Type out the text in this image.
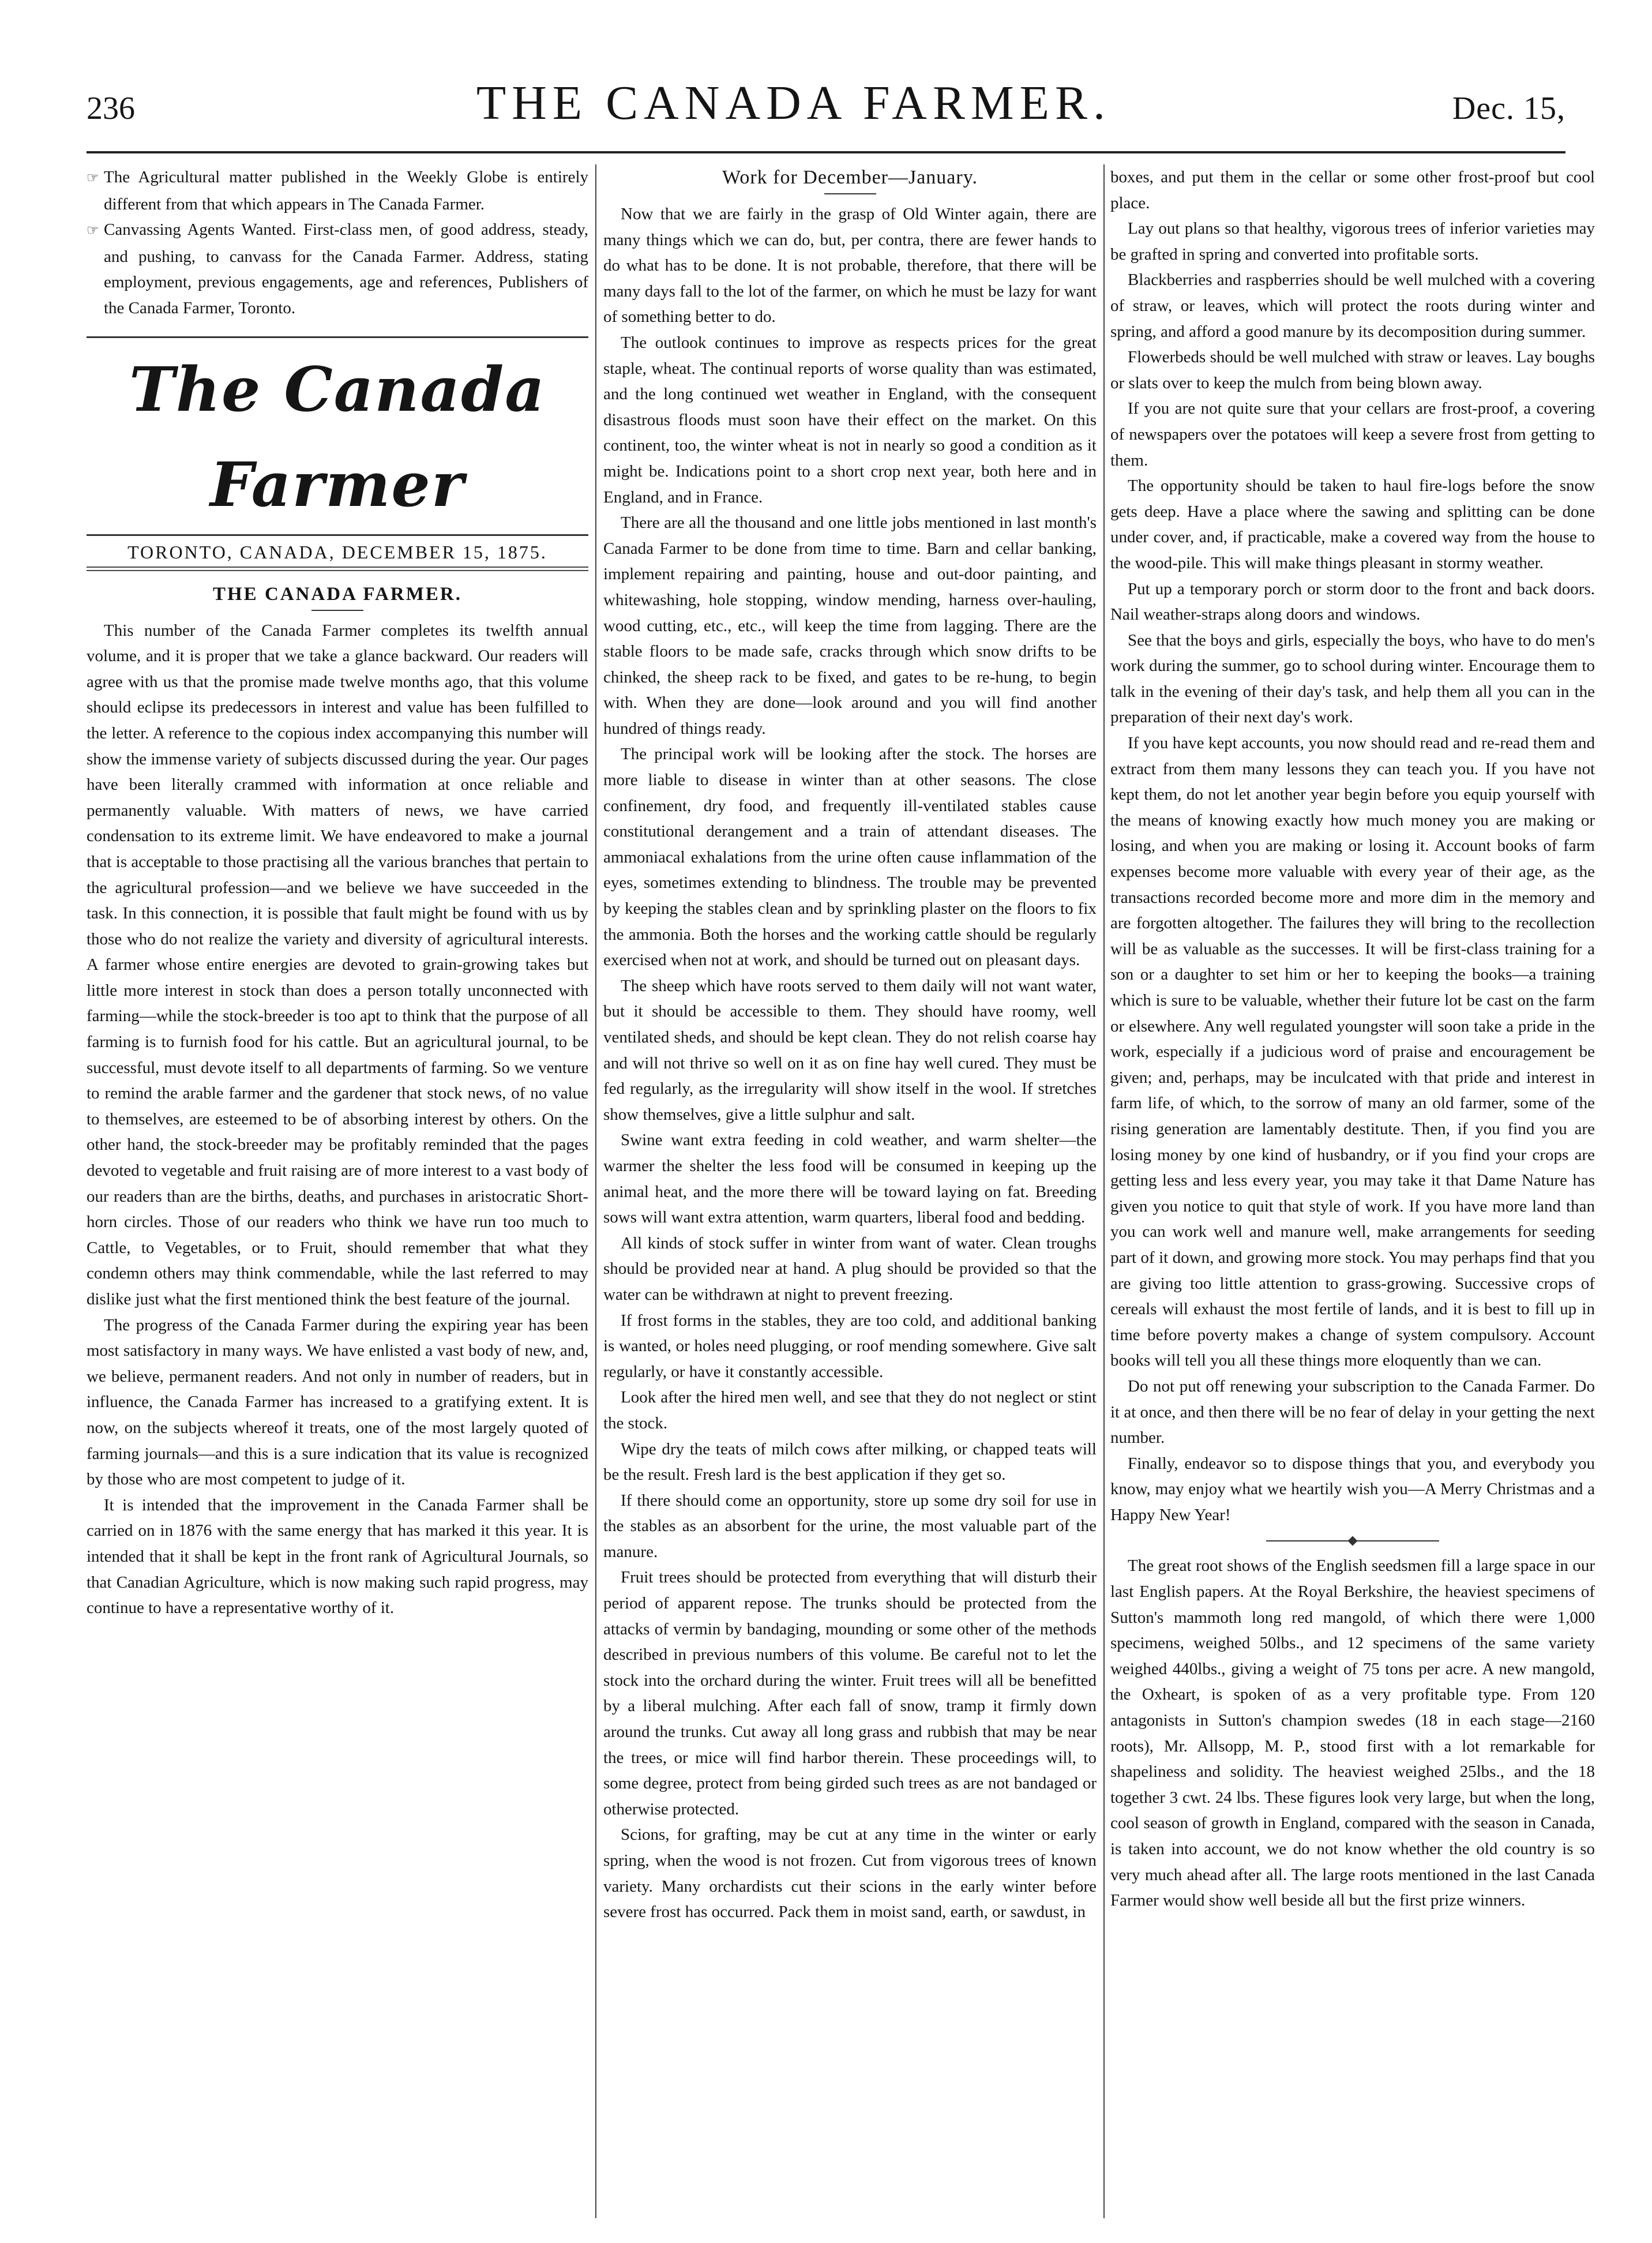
236	THE CANADA FARMER.	Dec. 15,

☞ The Agricultural matter published in the Weekly Globe is entirely different from that which appears in The Canada Farmer.

☞ Canvassing Agents Wanted. First-class men, of good address, steady, and pushing, to canvass for the Canada Farmer. Address, stating employment, previous engagements, age and references, Publishers of the Canada Farmer, Toronto.

The Canada Farmer
TORONTO, CANADA, DECEMBER 15, 1875.
THE CANADA FARMER.

This number of the Canada Farmer completes its twelfth annual volume, and it is proper that we take a glance backward. Our readers will agree with us that the promise made twelve months ago, that this volume should eclipse its predecessors in interest and value has been fulfilled to the letter. A reference to the copious index accompanying this number will show the immense variety of subjects discussed during the year. Our pages have been literally crammed with information at once reliable and permanently valuable. With matters of news, we have carried condensation to its extreme limit. We have endeavored to make a journal that is acceptable to those practising all the various branches that pertain to the agricultural profession—and we believe we have succeeded in the task. In this connection, it is possible that fault might be found with us by those who do not realize the variety and diversity of agricultural interests. A farmer whose entire energies are devoted to grain-growing takes but little more interest in stock than does a person totally unconnected with farming—while the stock-breeder is too apt to think that the purpose of all farming is to furnish food for his cattle. But an agricultural journal, to be successful, must devote itself to all departments of farming. So we venture to remind the arable farmer and the gardener that stock news, of no value to themselves, are esteemed to be of absorbing interest by others. On the other hand, the stock-breeder may be profitably reminded that the pages devoted to vegetable and fruit raising are of more interest to a vast body of our readers than are the births, deaths, and purchases in aristocratic Short-horn circles. Those of our readers who think we have run too much to Cattle, to Vegetables, or to Fruit, should remember that what they condemn others may think commendable, while the last referred to may dislike just what the first mentioned think the best feature of the journal.

The progress of the Canada Farmer during the expiring year has been most satisfactory in many ways. We have enlisted a vast body of new, and, we believe, permanent readers. And not only in number of readers, but in influence, the Canada Farmer has increased to a gratifying extent. It is now, on the subjects whereof it treats, one of the most largely quoted of farming journals—and this is a sure indication that its value is recognized by those who are most competent to judge of it.

It is intended that the improvement in the Canada Farmer shall be carried on in 1876 with the same energy that has marked it this year. It is intended that it shall be kept in the front rank of Agricultural Journals, so that Canadian Agriculture, which is now making such rapid progress, may continue to have a representative worthy of it.

Work for December—January.

Now that we are fairly in the grasp of Old Winter again, there are many things which we can do, but, per contra, there are fewer hands to do what has to be done. It is not probable, therefore, that there will be many days fall to the lot of the farmer, on which he must be lazy for want of something better to do.

The outlook continues to improve as respects prices for the great staple, wheat. The continual reports of worse quality than was estimated, and the long continued wet weather in England, with the consequent disastrous floods must soon have their effect on the market. On this continent, too, the winter wheat is not in nearly so good a condition as it might be. Indications point to a short crop next year, both here and in England, and in France.

There are all the thousand and one little jobs mentioned in last month's Canada Farmer to be done from time to time. Barn and cellar banking, implement repairing and painting, house and out-door painting, and whitewashing, hole stopping, window mending, harness over-hauling, wood cutting, etc., etc., will keep the time from lagging. There are the stable floors to be made safe, cracks through which snow drifts to be chinked, the sheep rack to be fixed, and gates to be re-hung, to begin with. When they are done—look around and you will find another hundred of things ready.

The principal work will be looking after the stock. The horses are more liable to disease in winter than at other seasons. The close confinement, dry food, and frequently ill-ventilated stables cause constitutional derangement and a train of attendant diseases. The ammoniacal exhalations from the urine often cause inflammation of the eyes, sometimes extending to blindness. The trouble may be prevented by keeping the stables clean and by sprinkling plaster on the floors to fix the ammonia. Both the horses and the working cattle should be regularly exercised when not at work, and should be turned out on pleasant days.

The sheep which have roots served to them daily will not want water, but it should be accessible to them. They should have roomy, well ventilated sheds, and should be kept clean. They do not relish coarse hay and will not thrive so well on it as on fine hay well cured. They must be fed regularly, as the irregularity will show itself in the wool. If stretches show themselves, give a little sulphur and salt.

Swine want extra feeding in cold weather, and warm shelter—the warmer the shelter the less food will be consumed in keeping up the animal heat, and the more there will be toward laying on fat. Breeding sows will want extra attention, warm quarters, liberal food and bedding.

All kinds of stock suffer in winter from want of water. Clean troughs should be provided near at hand. A plug should be provided so that the water can be withdrawn at night to prevent freezing.

If frost forms in the stables, they are too cold, and additional banking is wanted, or holes need plugging, or roof mending somewhere. Give salt regularly, or have it constantly accessible.

Look after the hired men well, and see that they do not neglect or stint the stock.

Wipe dry the teats of milch cows after milking, or chapped teats will be the result. Fresh lard is the best application if they get so.

If there should come an opportunity, store up some dry soil for use in the stables as an absorbent for the urine, the most valuable part of the manure.

Fruit trees should be protected from everything that will disturb their period of apparent repose. The trunks should be protected from the attacks of vermin by bandaging, mounding or some other of the methods described in previous numbers of this volume. Be careful not to let the stock into the orchard during the winter. Fruit trees will all be benefitted by a liberal mulching. After each fall of snow, tramp it firmly down around the trunks. Cut away all long grass and rubbish that may be near the trees, or mice will find harbor therein. These proceedings will, to some degree, protect from being girded such trees as are not bandaged or otherwise protected.

Scions, for grafting, may be cut at any time in the winter or early spring, when the wood is not frozen. Cut from vigorous trees of known variety. Many orchardists cut their scions in the early winter before severe frost has occurred. Pack them in moist sand, earth, or sawdust, in

boxes, and put them in the cellar or some other frost-proof but cool place.

Lay out plans so that healthy, vigorous trees of inferior varieties may be grafted in spring and converted into profitable sorts.

Blackberries and raspberries should be well mulched with a covering of straw, or leaves, which will protect the roots during winter and spring, and afford a good manure by its decomposition during summer.

Flowerbeds should be well mulched with straw or leaves. Lay boughs or slats over to keep the mulch from being blown away.

If you are not quite sure that your cellars are frost-proof, a covering of newspapers over the potatoes will keep a severe frost from getting to them.

The opportunity should be taken to haul fire-logs before the snow gets deep. Have a place where the sawing and splitting can be done under cover, and, if practicable, make a covered way from the house to the wood-pile. This will make things pleasant in stormy weather.

Put up a temporary porch or storm door to the front and back doors. Nail weather-straps along doors and windows.

See that the boys and girls, especially the boys, who have to do men's work during the summer, go to school during winter. Encourage them to talk in the evening of their day's task, and help them all you can in the preparation of their next day's work.

If you have kept accounts, you now should read and re-read them and extract from them many lessons they can teach you. If you have not kept them, do not let another year begin before you equip yourself with the means of knowing exactly how much money you are making or losing, and when you are making or losing it. Account books of farm expenses become more valuable with every year of their age, as the transactions recorded become more and more dim in the memory and are forgotten altogether. The failures they will bring to the recollection will be as valuable as the successes. It will be first-class training for a son or a daughter to set him or her to keeping the books—a training which is sure to be valuable, whether their future lot be cast on the farm or elsewhere. Any well regulated youngster will soon take a pride in the work, especially if a judicious word of praise and encouragement be given; and, perhaps, may be inculcated with that pride and interest in farm life, of which, to the sorrow of many an old farmer, some of the rising generation are lamentably destitute. Then, if you find you are losing money by one kind of husbandry, or if you find your crops are getting less and less every year, you may take it that Dame Nature has given you notice to quit that style of work. If you have more land than you can work well and manure well, make arrangements for seeding part of it down, and growing more stock. You may perhaps find that you are giving too little attention to grass-growing. Successive crops of cereals will exhaust the most fertile of lands, and it is best to fill up in time before poverty makes a change of system compulsory. Account books will tell you all these things more eloquently than we can.

Do not put off renewing your subscription to the Canada Farmer. Do it at once, and then there will be no fear of delay in your getting the next number.

Finally, endeavor so to dispose things that you, and everybody you know, may enjoy what we heartily wish you—A Merry Christmas and a Happy New Year!

The great root shows of the English seedsmen fill a large space in our last English papers. At the Royal Berkshire, the heaviest specimens of Sutton's mammoth long red mangold, of which there were 1,000 specimens, weighed 50lbs., and 12 specimens of the same variety weighed 440lbs., giving a weight of 75 tons per acre. A new mangold, the Oxheart, is spoken of as a very profitable type. From 120 antagonists in Sutton's champion swedes (18 in each stage—2160 roots), Mr. Allsopp, M. P., stood first with a lot remarkable for shapeliness and solidity. The heaviest weighed 25lbs., and the 18 together 3 cwt. 24 lbs. These figures look very large, but when the long, cool season of growth in England, compared with the season in Canada, is taken into account, we do not know whether the old country is so very much ahead after all. The large roots mentioned in the last Canada Farmer would show well beside all but the first prize winners.
